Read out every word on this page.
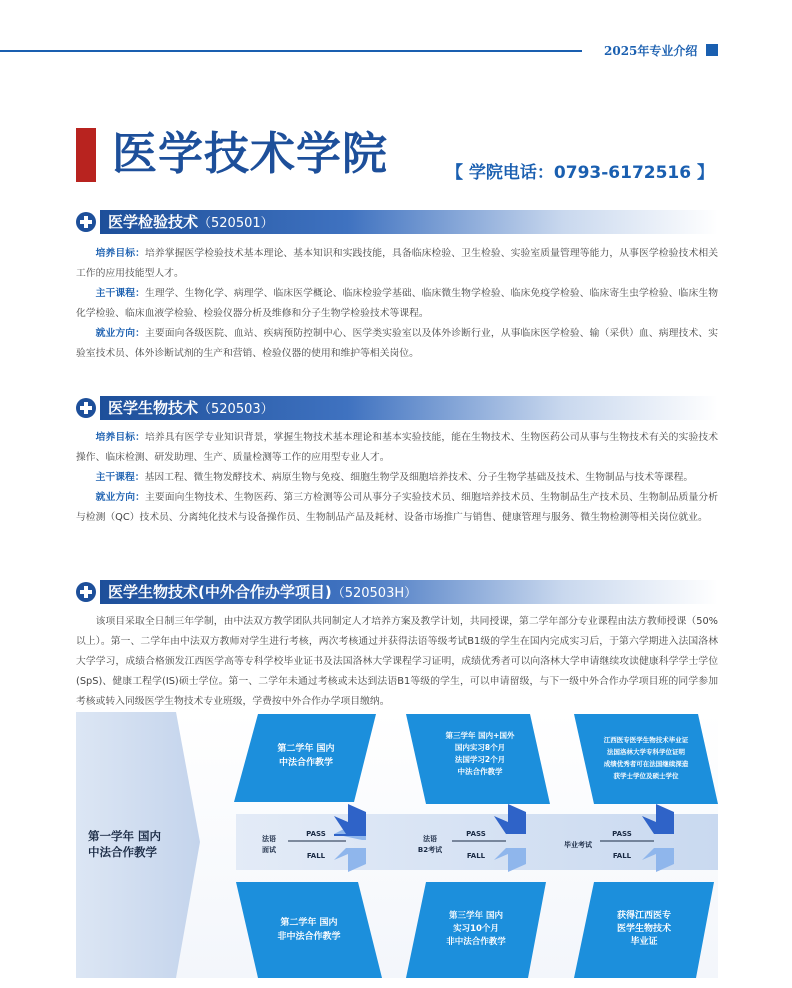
2025年专业介绍
医学技术学院	【 学院电话：0793-6172516 】
医学检验技术（520501）

培养目标：培养掌握医学检验技术基本理论、基本知识和实践技能，具备临床检验、卫生检验、实验室质量管理等能力，从事医学检验技术相关工作的应用技能型人才。

主干课程：生理学、生物化学、病理学、临床医学概论、临床检验学基础、临床微生物学检验、临床免疫学检验、临床寄生虫学检验、临床生物化学检验、临床血液学检验、检验仪器分析及维修和分子生物学检验技术等课程。

就业方向：主要面向各级医院、血站、疾病预防控制中心、医学类实验室以及体外诊断行业，从事临床医学检验、输（采供）血、病理技术、实验室技术员、体外诊断试剂的生产和营销、检验仪器的使用和维护等相关岗位。

医学生物技术（520503）

培养目标：培养具有医学专业知识背景，掌握生物技术基本理论和基本实验技能，能在生物技术、生物医药公司从事与生物技术有关的实验技术操作、临床检测、研发助理、生产、质量检测等工作的应用型专业人才。

主干课程：基因工程、微生物发酵技术、病原生物与免疫、细胞生物学及细胞培养技术、分子生物学基础及技术、生物制品与技术等课程。

就业方向：主要面向生物技术、生物医药、第三方检测等公司从事分子实验技术员、细胞培养技术员、生物制品生产技术员、生物制品质量分析与检测（QC）技术员、分离纯化技术与设备操作员、生物制品产品及耗材、设备市场推广与销售、健康管理与服务、微生物检测等相关岗位就业。

医学生物技术(中外合作办学项目)（520503H）

该项目采取全日制三年学制，由中法双方教学团队共同制定人才培养方案及教学计划，共同授课，第二学年部分专业课程由法方教师授课（50%以上）。第一、二学年由中法双方教师对学生进行考核，两次考核通过并获得法语等级考试B1级的学生在国内完成实习后，于第六学期进入法国洛林大学学习，成绩合格颁发江西医学高等专科学校毕业证书及法国洛林大学课程学习证明，成绩优秀者可以向洛林大学申请继续攻读健康科学学士学位(SpS)、健康工程学(IS)硕士学位。第一、二学年未通过考核或未达到法语B1等级的学生，可以申请留级，与下一级中外合作办学项目班的同学参加考核或转入同级医学生物技术专业班级，学费按中外合作办学项目缴纳。

第一学年 国内
中法合作教学
第二学年 国内
中法合作教学
第三学年 国内+国外
国内实习8个月
法国学习2个月
中法合作教学
江西医专医学生物技术毕业证
法国洛林大学专科学位证明
成绩优秀者可在法国继续深造
获学士学位及硕士学位
第二学年 国内
非中法合作教学
第三学年 国内
实习10个月
非中法合作教学
获得江西医专
医学生物技术
毕业证
法语
面试
法语
B2考试
毕业考试
PASS
FALL
PASS
FALL
PASS
FALL
